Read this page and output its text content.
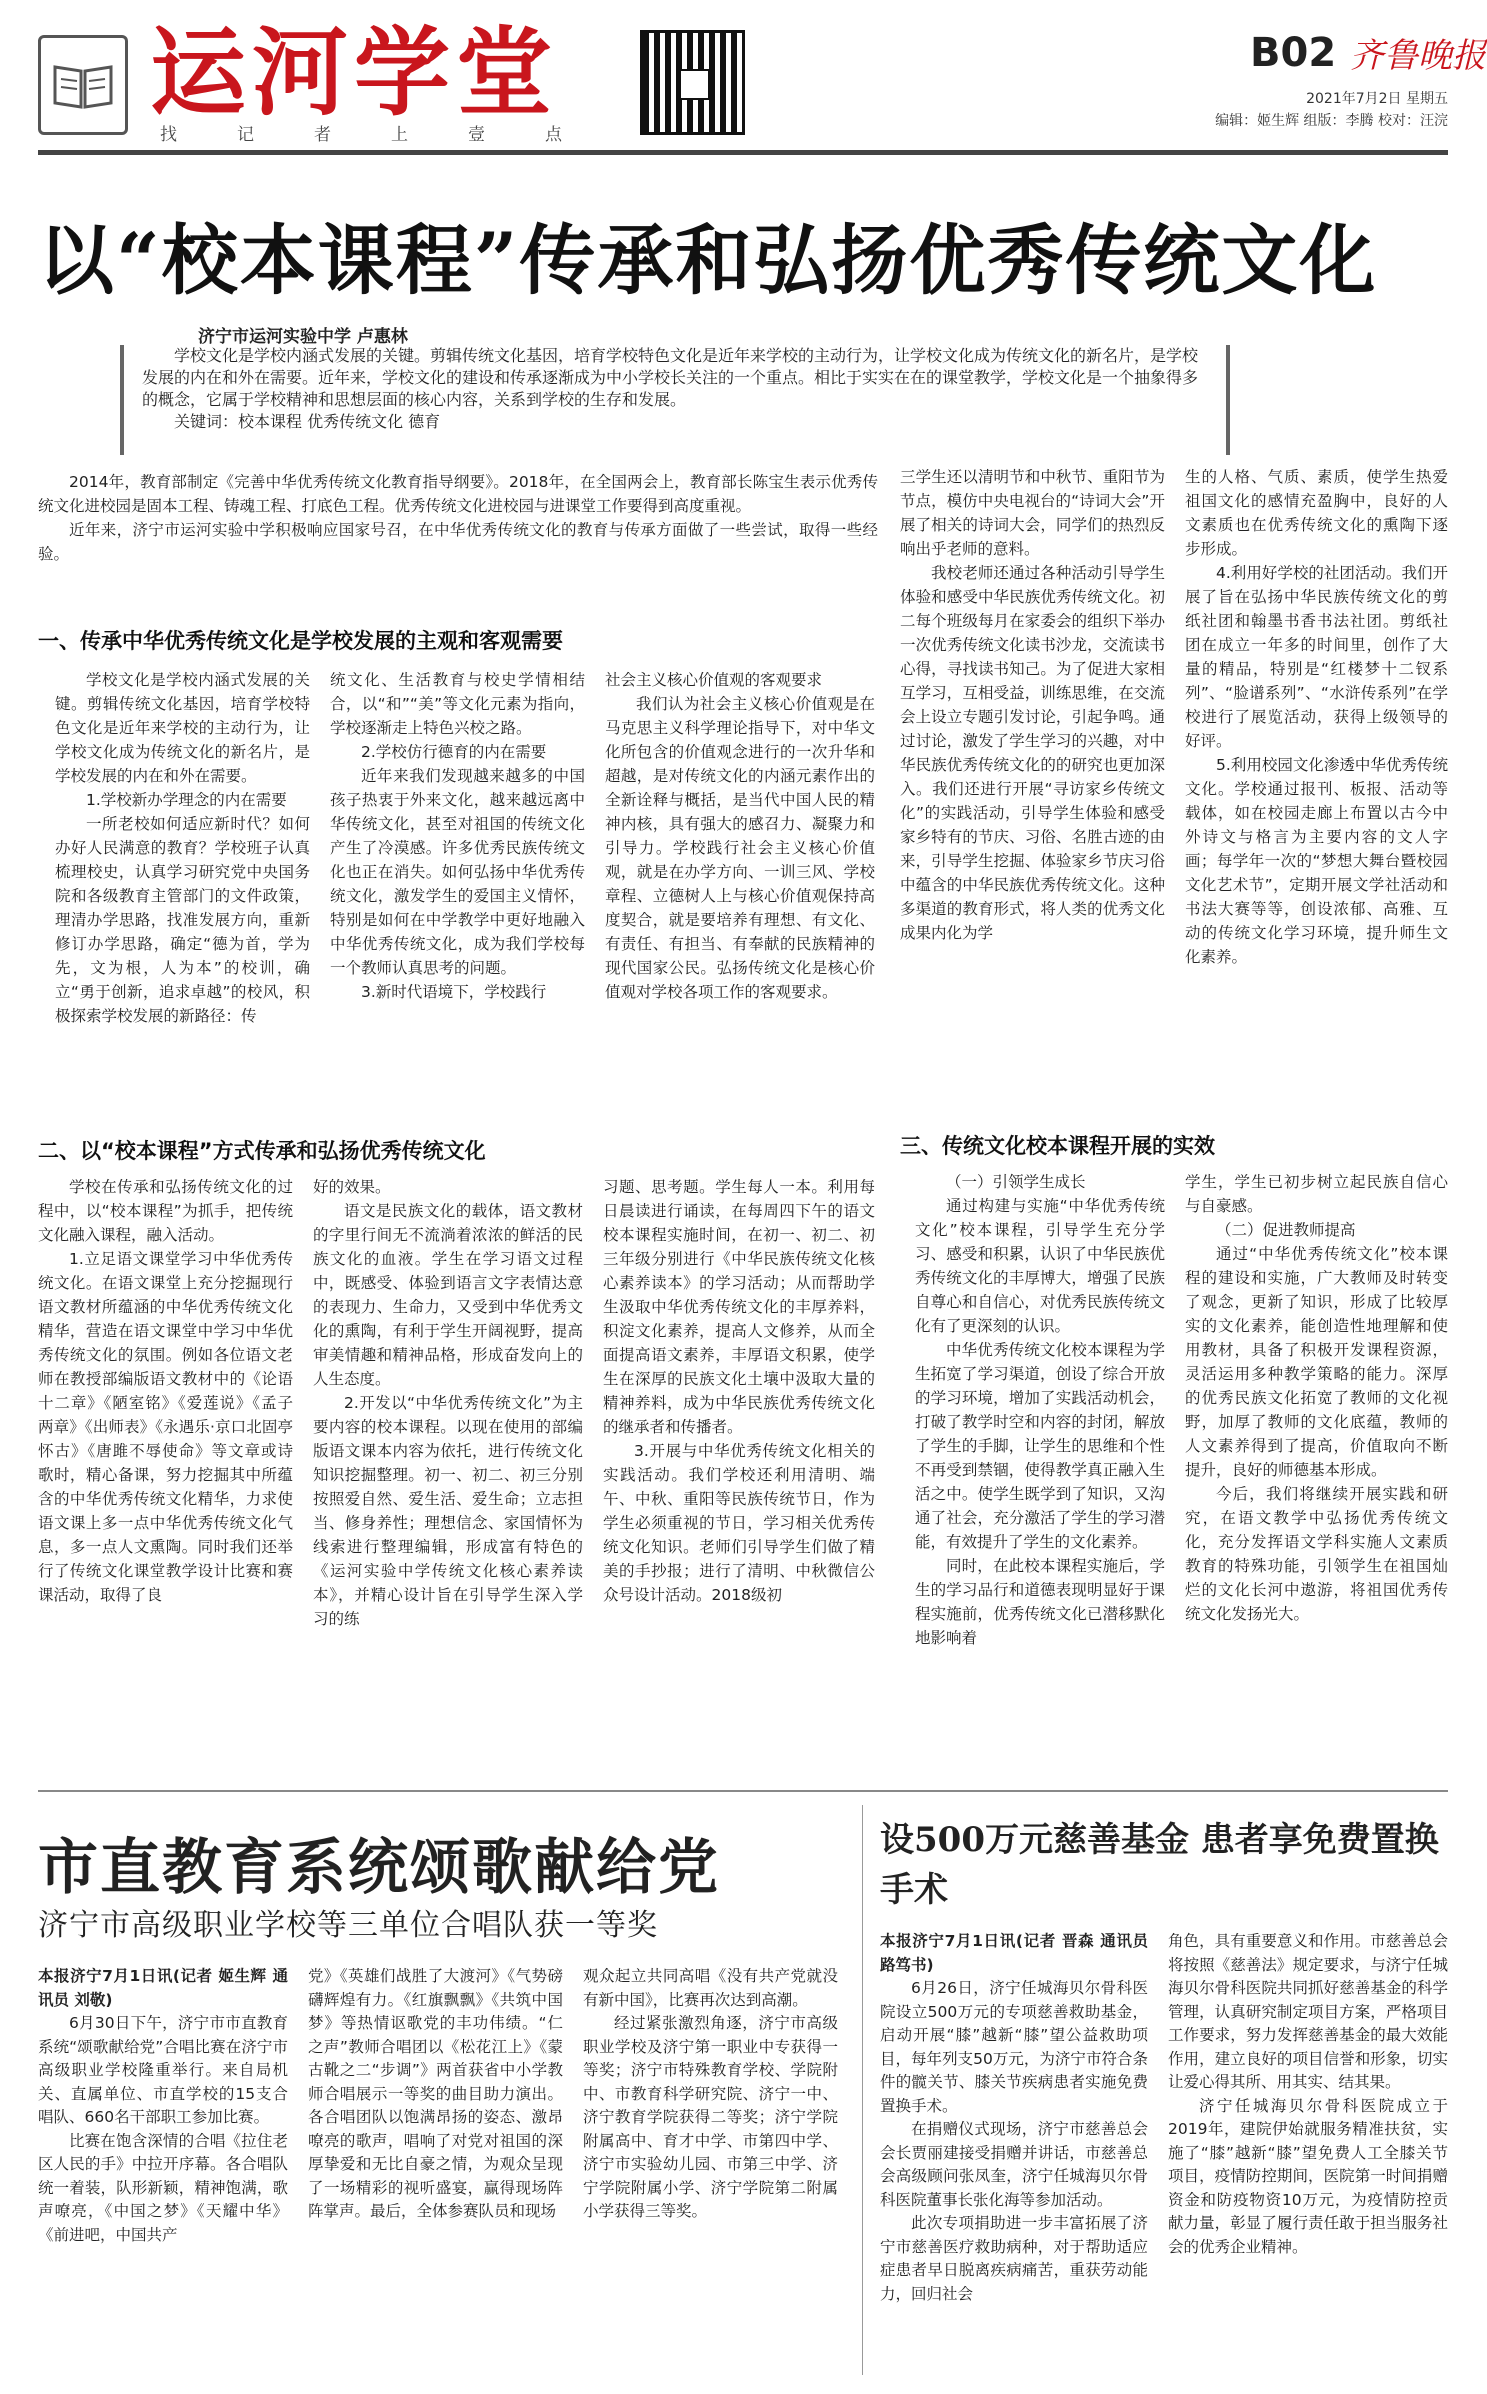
运河学堂
找记者上壹点
B02 齐鲁晚报
2021年7月2日 星期五
编辑：姬生辉 组版：李腾 校对：汪浣
以“校本课程”传承和弘扬优秀传统文化
济宁市运河实验中学 卢惠林

学校文化是学校内涵式发展的关键。剪辑传统文化基因，培育学校特色文化是近年来学校的主动行为，让学校文化成为传统文化的新名片，是学校发展的内在和外在需要。近年来，学校文化的建设和传承逐渐成为中小学校长关注的一个重点。相比于实实在在的课堂教学，学校文化是一个抽象得多的概念，它属于学校精神和思想层面的核心内容，关系到学校的生存和发展。

关键词：校本课程 优秀传统文化 德育

2014年，教育部制定《完善中华优秀传统文化教育指导纲要》。2018年，在全国两会上，教育部长陈宝生表示优秀传统文化进校园是固本工程、铸魂工程、打底色工程。优秀传统文化进校园与进课堂工作要得到高度重视。

近年来，济宁市运河实验中学积极响应国家号召，在中华优秀传统文化的教育与传承方面做了一些尝试，取得一些经验。

一、传承中华优秀传统文化是学校发展的主观和客观需要

学校文化是学校内涵式发展的关键。剪辑传统文化基因，培育学校特色文化是近年来学校的主动行为，让学校文化成为传统文化的新名片，是学校发展的内在和外在需要。

1.学校新办学理念的内在需要

一所老校如何适应新时代？如何办好人民满意的教育？学校班子认真梳理校史，认真学习研究党中央国务院和各级教育主管部门的文件政策，理清办学思路，找准发展方向，重新修订办学思路，确定“德为首，学为先，文为根，人为本”的校训，确立“勇于创新，追求卓越”的校风，积极探索学校发展的新路径：传

统文化、生活教育与校史学情相结合，以“和”“美”等文化元素为指向，学校逐渐走上特色兴校之路。

2.学校仿行德育的内在需要

近年来我们发现越来越多的中国孩子热衷于外来文化，越来越远离中华传统文化，甚至对祖国的传统文化产生了冷漠感。许多优秀民族传统文化也正在消失。如何弘扬中华优秀传统文化，激发学生的爱国主义情怀，特别是如何在中学教学中更好地融入中华优秀传统文化，成为我们学校每一个教师认真思考的问题。

3.新时代语境下，学校践行

社会主义核心价值观的客观要求

我们认为社会主义核心价值观是在马克思主义科学理论指导下，对中华文化所包含的价值观念进行的一次升华和超越，是对传统文化的内涵元素作出的全新诠释与概括，是当代中国人民的精神内核，具有强大的感召力、凝聚力和引导力。学校践行社会主义核心价值观，就是在办学方向、一训三风、学校章程、立德树人上与核心价值观保持高度契合，就是要培养有理想、有文化、有责任、有担当、有奉献的民族精神的现代国家公民。弘扬传统文化是核心价值观对学校各项工作的客观要求。

二、以“校本课程”方式传承和弘扬优秀传统文化

学校在传承和弘扬传统文化的过程中，以“校本课程”为抓手，把传统文化融入课程，融入活动。

1.立足语文课堂学习中华优秀传统文化。在语文课堂上充分挖掘现行语文教材所蕴涵的中华优秀传统文化精华，营造在语文课堂中学习中华优秀传统文化的氛围。例如各位语文老师在教授部编版语文教材中的《论语十二章》《陋室铭》《爱莲说》《孟子两章》《出师表》《永遇乐·京口北固亭怀古》《唐雎不辱使命》等文章或诗歌时，精心备课，努力挖掘其中所蕴含的中华优秀传统文化精华，力求使语文课上多一点中华优秀传统文化气息，多一点人文熏陶。同时我们还举行了传统文化课堂教学设计比赛和赛课活动，取得了良

好的效果。

语文是民族文化的载体，语文教材的字里行间无不流淌着浓浓的鲜活的民族文化的血液。学生在学习语文过程中，既感受、体验到语言文字表情达意的表现力、生命力，又受到中华优秀文化的熏陶，有利于学生开阔视野，提高审美情趣和精神品格，形成奋发向上的人生态度。

2.开发以“中华优秀传统文化”为主要内容的校本课程。以现在使用的部编版语文课本内容为依托，进行传统文化知识挖掘整理。初一、初二、初三分别按照爱自然、爱生活、爱生命；立志担当、修身养性；理想信念、家国情怀为线索进行整理编辑，形成富有特色的《运河实验中学传统文化核心素养读本》，并精心设计旨在引导学生深入学习的练

习题、思考题。学生每人一本。利用每日晨读进行诵读，在每周四下午的语文校本课程实施时间，在初一、初二、初三年级分别进行《中华民族传统文化核心素养读本》的学习活动；从而帮助学生汲取中华优秀传统文化的丰厚养料，积淀文化素养，提高人文修养，从而全面提高语文素养，丰厚语文积累，使学生在深厚的民族文化土壤中汲取大量的精神养料，成为中华民族优秀传统文化的继承者和传播者。

3.开展与中华优秀传统文化相关的实践活动。我们学校还利用清明、端午、中秋、重阳等民族传统节日，作为学生必须重视的节日，学习相关优秀传统文化知识。老师们引导学生们做了精美的手抄报；进行了清明、中秋微信公众号设计活动。2018级初

三学生还以清明节和中秋节、重阳节为节点，模仿中央电视台的“诗词大会”开展了相关的诗词大会，同学们的热烈反响出乎老师的意料。

我校老师还通过各种活动引导学生体验和感受中华民族优秀传统文化。初二每个班级每月在家委会的组织下举办一次优秀传统文化读书沙龙，交流读书心得，寻找读书知己。为了促进大家相互学习，互相受益，训练思维，在交流会上设立专题引发讨论，引起争鸣。通过讨论，激发了学生学习的兴趣，对中华民族优秀传统文化的的研究也更加深入。我们还进行开展“寻访家乡传统文化”的实践活动，引导学生体验和感受家乡特有的节庆、习俗、名胜古迹的由来，引导学生挖掘、体验家乡节庆习俗中蕴含的中华民族优秀传统文化。这种多渠道的教育形式，将人类的优秀文化成果内化为学

生的人格、气质、素质，使学生热爱祖国文化的感情充盈胸中，良好的人文素质也在优秀传统文化的熏陶下逐步形成。

4.利用好学校的社团活动。我们开展了旨在弘扬中华民族传统文化的剪纸社团和翰墨书香书法社团。剪纸社团在成立一年多的时间里，创作了大量的精品，特别是“红楼梦十二钗系列”、“脸谱系列”、“水浒传系列”在学校进行了展览活动，获得上级领导的好评。

5.利用校园文化渗透中华优秀传统文化。学校通过报刊、板报、活动等载体，如在校园走廊上布置以古今中外诗文与格言为主要内容的文人字画；每学年一次的“梦想大舞台暨校园文化艺术节”，定期开展文学社活动和书法大赛等等，创设浓郁、高雅、互动的传统文化学习环境，提升师生文化素养。

三、传统文化校本课程开展的实效

（一）引领学生成长

通过构建与实施“中华优秀传统文化”校本课程，引导学生充分学习、感受和积累，认识了中华民族优秀传统文化的丰厚博大，增强了民族自尊心和自信心，对优秀民族传统文化有了更深刻的认识。

中华优秀传统文化校本课程为学生拓宽了学习渠道，创设了综合开放的学习环境，增加了实践活动机会，打破了教学时空和内容的封闭，解放了学生的手脚，让学生的思维和个性不再受到禁锢，使得教学真正融入生活之中。使学生既学到了知识，又沟通了社会，充分激活了学生的学习潜能，有效提升了学生的文化素养。

同时，在此校本课程实施后，学生的学习品行和道德表现明显好于课程实施前，优秀传统文化已潜移默化地影响着

学生，学生已初步树立起民族自信心与自豪感。

（二）促进教师提高

通过“中华优秀传统文化”校本课程的建设和实施，广大教师及时转变了观念，更新了知识，形成了比较厚实的文化素养，能创造性地理解和使用教材，具备了积极开发课程资源，灵活运用多种教学策略的能力。深厚的优秀民族文化拓宽了教师的文化视野，加厚了教师的文化底蕴，教师的人文素养得到了提高，价值取向不断提升，良好的师德基本形成。

今后，我们将继续开展实践和研究，在语文教学中弘扬优秀传统文化，充分发挥语文学科实施人文素质教育的特殊功能，引领学生在祖国灿烂的文化长河中遨游，将祖国优秀传统文化发扬光大。

市直教育系统颂歌献给党
济宁市高级职业学校等三单位合唱队获一等奖
本报济宁7月1日讯(记者 姬生辉 通讯员 刘敬)

6月30日下午，济宁市市直教育系统“颂歌献给党”合唱比赛在济宁市高级职业学校隆重举行。来自局机关、直属单位、市直学校的15支合唱队、660名干部职工参加比赛。

比赛在饱含深情的合唱《拉住老区人民的手》中拉开序幕。各合唱队统一着装，队形新颖，精神饱满，歌声嘹亮，《中国之梦》《天耀中华》《前进吧，中国共产

党》《英雄们战胜了大渡河》《气势磅礴辉煌有力。《红旗飘飘》《共筑中国梦》等热情讴歌党的丰功伟绩。“仁之声”教师合唱团以《松花江上》《蒙古靴之二“步调”》两首获省中小学教师合唱展示一等奖的曲目助力演出。各合唱团队以饱满昂扬的姿态、激昂嘹亮的歌声，唱响了对党对祖国的深厚挚爱和无比自豪之情，为观众呈现了一场精彩的视听盛宴，赢得现场阵阵掌声。最后，全体参赛队员和现场

观众起立共同高唱《没有共产党就没有新中国》，比赛再次达到高潮。

经过紧张激烈角逐，济宁市高级职业学校及济宁第一职业中专获得一等奖；济宁市特殊教育学校、学院附中、市教育科学研究院、济宁一中、济宁教育学院获得二等奖；济宁学院附属高中、育才中学、市第四中学、济宁市实验幼儿园、市第三中学、济宁学院附属小学、济宁学院第二附属小学获得三等奖。

设500万元慈善基金 患者享免费置换手术
本报济宁7月1日讯(记者 晋森 通讯员 路笃书)

6月26日，济宁任城海贝尔骨科医院设立500万元的专项慈善救助基金，启动开展“膝”越新“膝”望公益救助项目，每年列支50万元，为济宁市符合条件的髋关节、膝关节疾病患者实施免费置换手术。

在捐赠仪式现场，济宁市慈善总会会长贾丽建接受捐赠并讲话，市慈善总会高级顾问张凤奎，济宁任城海贝尔骨科医院董事长张化海等参加活动。

此次专项捐助进一步丰富拓展了济宁市慈善医疗救助病种，对于帮助适应症患者早日脱离疾病痛苦，重获劳动能力，回归社会

角色，具有重要意义和作用。市慈善总会将按照《慈善法》规定要求，与济宁任城海贝尔骨科医院共同抓好慈善基金的科学管理，认真研究制定项目方案，严格项目工作要求，努力发挥慈善基金的最大效能作用，建立良好的项目信誉和形象，切实让爱心得其所、用其实、结其果。

济宁任城海贝尔骨科医院成立于2019年，建院伊始就服务精准扶贫，实施了“膝”越新“膝”望免费人工全膝关节项目，疫情防控期间，医院第一时间捐赠资金和防疫物资10万元，为疫情防控贡献力量，彰显了履行责任敢于担当服务社会的优秀企业精神。
